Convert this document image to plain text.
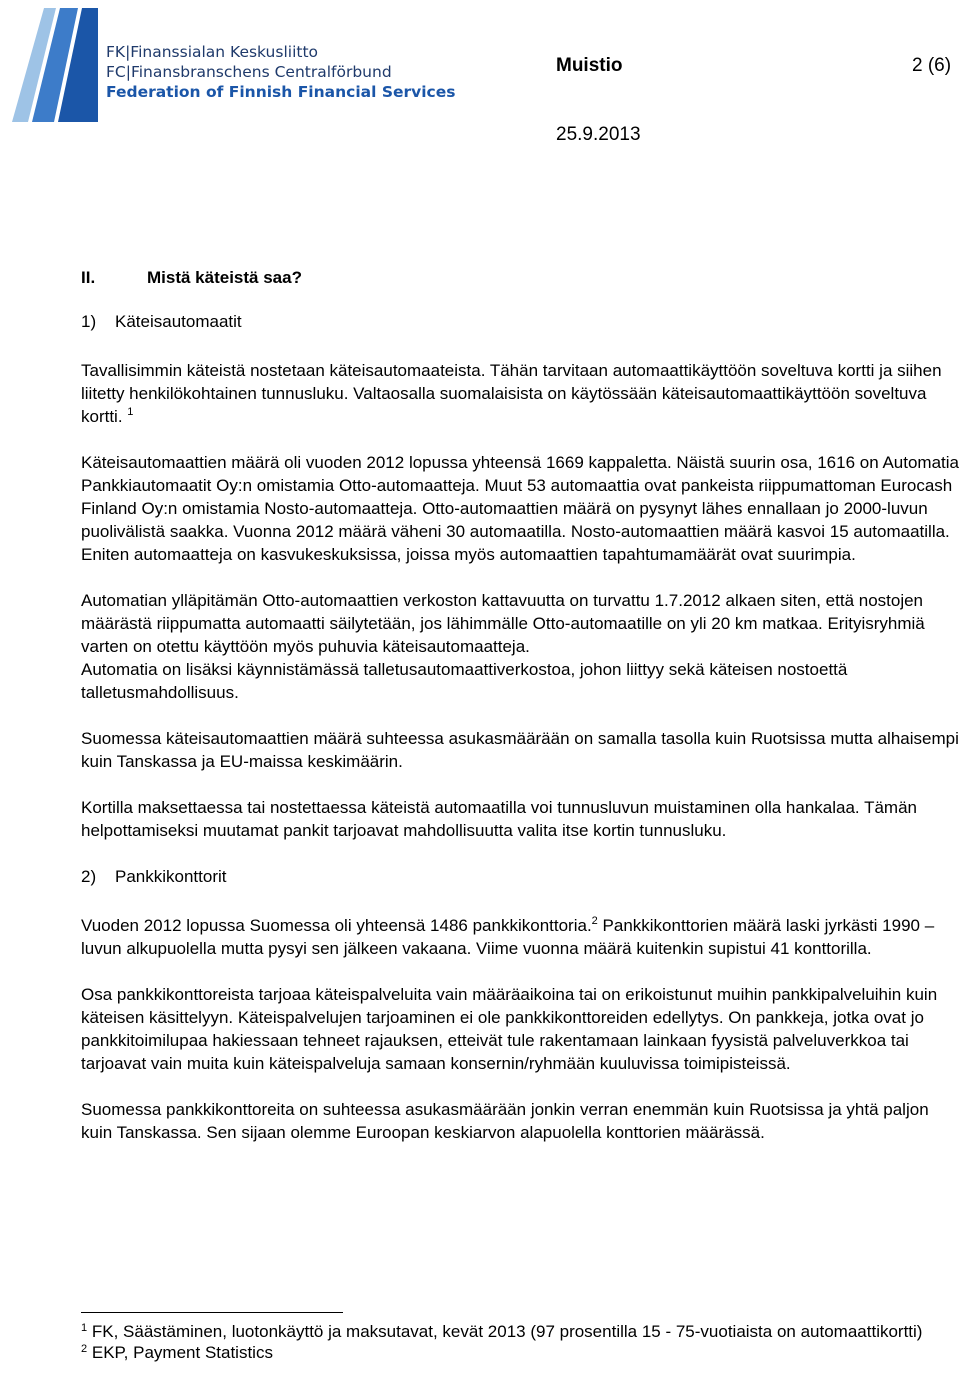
FK|Finanssialan Keskusliitto
FC|Finansbranschens Centralförbund
Federation of Finnish Financial Services
Muistio	2 (6)
25.9.2013

II.	Mistä käteistä saa?

1) Käteisautomaatit

Tavallisimmin käteistä nostetaan käteisautomaateista. Tähän tarvitaan automaattikäyttöön soveltuva kortti ja siihen liitetty henkilökohtainen tunnusluku. Valtaosalla suomalaisista on käytössään käteisautomaattikäyttöön soveltuva kortti. $^1$

Käteisautomaattien määrä oli vuoden 2012 lopussa yhteensä 1669 kappaletta. Näistä suurin osa, 1616 on Automatia Pankkiautomaatit Oy:n omistamia Otto-automaatteja. Muut 53 automaattia ovat pankeista riippumattoman Eurocash Finland Oy:n omistamia Nosto-automaatteja. Otto-automaattien määrä on pysynyt lähes ennallaan jo 2000-luvun puolivälistä saakka. Vuonna 2012 määrä väheni 30 automaatilla. Nosto-automaattien määrä kasvoi 15 automaatilla. Eniten automaatteja on kasvukeskuksissa, joissa myös automaattien tapahtumamäärät ovat suurimpia.

Automatian ylläpitämän Otto-automaattien verkoston kattavuutta on turvattu 1.7.2012 alkaen siten, että nostojen määrästä riippumatta automaatti säilytetään, jos lähimmälle Otto-automaatille on yli 20 km matkaa. Erityisryhmiä varten on otettu käyttöön myös puhuvia käteisautomaatteja.

Automatia on lisäksi käynnistämässä talletusautomaattiverkostoa, johon liittyy sekä käteisen nostoettä talletusmahdollisuus.

Suomessa käteisautomaattien määrä suhteessa asukasmäärään on samalla tasolla kuin Ruotsissa mutta alhaisempi kuin Tanskassa ja EU-maissa keskimäärin.

Kortilla maksettaessa tai nostettaessa käteistä automaatilla voi tunnusluvun muistaminen olla hankalaa. Tämän helpottamiseksi muutamat pankit tarjoavat mahdollisuutta valita itse kortin tunnusluku.

2) Pankkikonttorit

Vuoden 2012 lopussa Suomessa oli yhteensä 1486 pankkikonttoria.$^2$ Pankkikonttorien määrä laski jyrkästi 1990 –luvun alkupuolella mutta pysyi sen jälkeen vakaana. Viime vuonna määrä kuitenkin supistui 41 konttorilla.

Osa pankkikonttoreista tarjoaa käteispalveluita vain määräaikoina tai on erikoistunut muihin pankkipalveluihin kuin käteisen käsittelyyn. Käteispalvelujen tarjoaminen ei ole pankkikonttoreiden edellytys. On pankkeja, jotka ovat jo pankkitoimilupaa hakiessaan tehneet rajauksen, etteivät tule rakentamaan lainkaan fyysistä palveluverkkoa tai tarjoavat vain muita kuin käteispalveluja samaan konsernin/ryhmään kuuluvissa toimipisteissä.

Suomessa pankkikonttoreita on suhteessa asukasmäärään jonkin verran enemmän kuin Ruotsissa ja yhtä paljon kuin Tanskassa. Sen sijaan olemme Euroopan keskiarvon alapuolella konttorien määrässä.

$^1$ FK, Säästäminen, luotonkäyttö ja maksutavat, kevät 2013 (97 prosentilla 15 - 75-vuotiaista on automaattikortti)

$^2$ EKP, Payment Statistics
